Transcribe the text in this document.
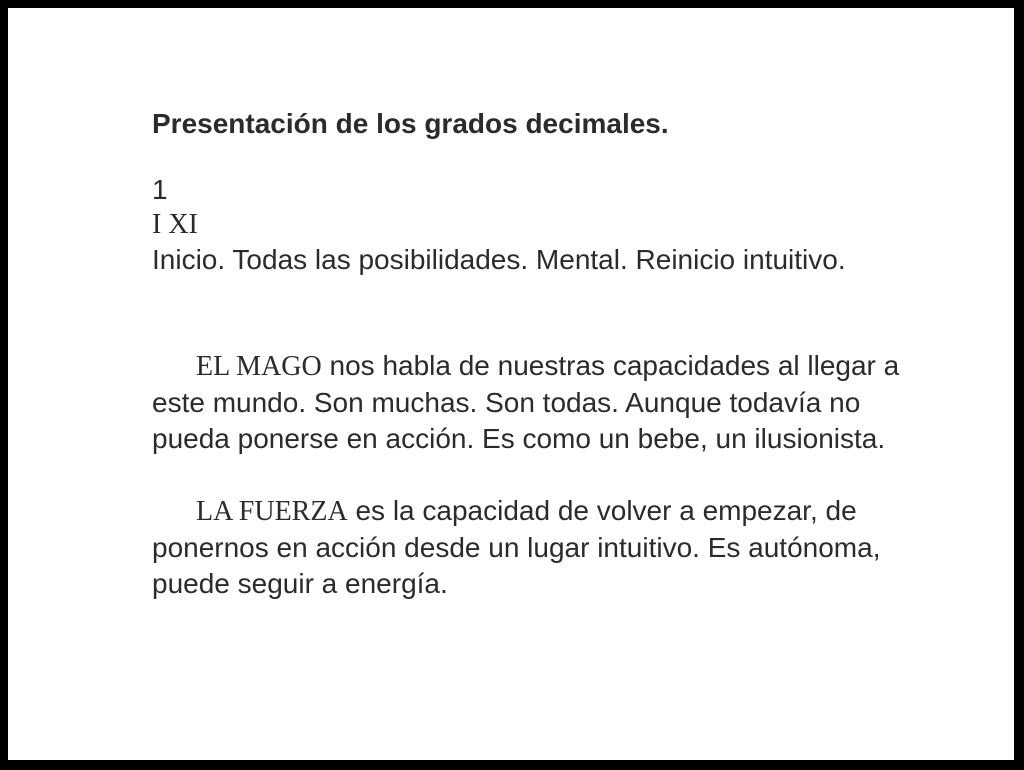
Presentación de los grados decimales.
1
I XI
Inicio. Todas las posibilidades. Mental. Reinicio intuitivo.

EL MAGO nos habla de nuestras capacidades al llegar a este mundo. Son muchas. Son todas. Aunque todavía no pueda ponerse en acción. Es como un bebe, un ilusionista.

LA FUERZA es la capacidad de volver a empezar, de ponernos en acción desde un lugar intuitivo. Es autónoma, puede seguir a energía.
